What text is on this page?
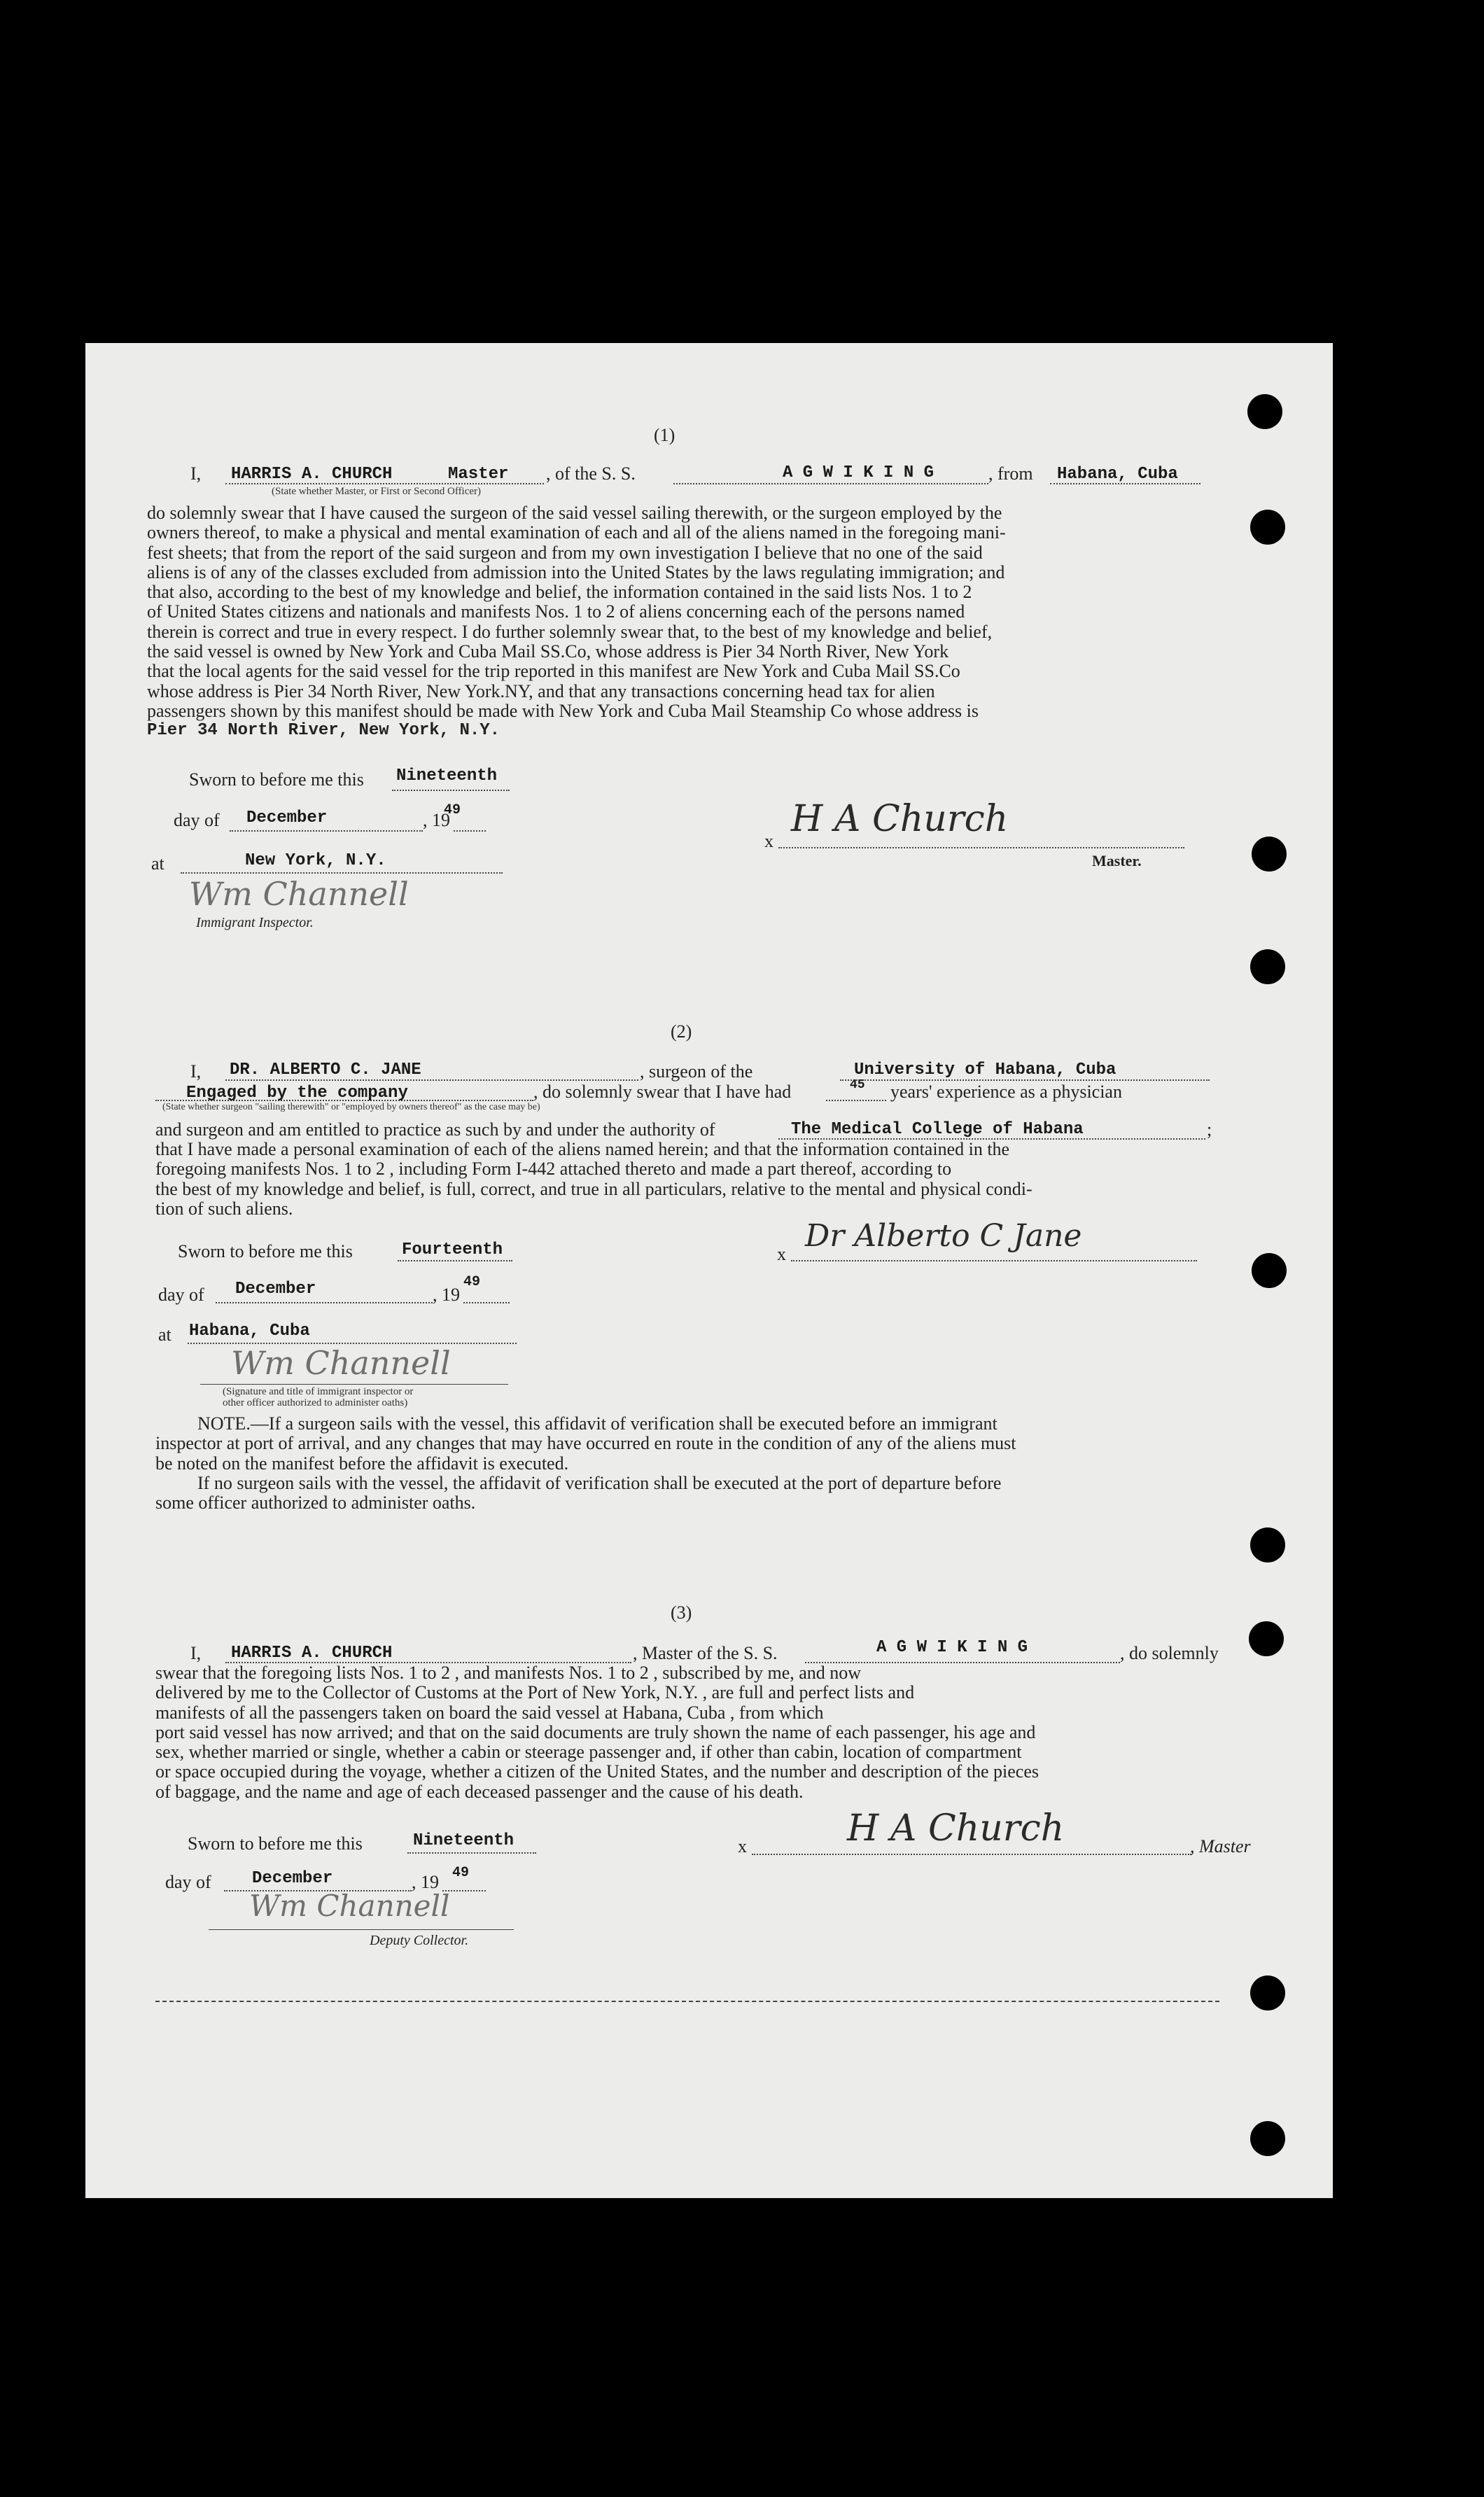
(1)
I, HARRIS A. CHURCH	Master , of the S. S.	A G W I K I N G	, from Habana, Cuba
(State whether Master, or First or Second Officer)
do solemnly swear that I have caused the surgeon of the said vessel sailing therewith, or the surgeon employed by the
owners thereof, to make a physical and mental examination of each and all of the aliens named in the foregoing mani-
fest sheets; that from the report of the said surgeon and from my own investigation I believe that no one of the said
aliens is of any of the classes excluded from admission into the United States by the laws regulating immigration; and
that also, according to the best of my knowledge and belief, the information contained in the said lists Nos. 1 to 2
of United States citizens and nationals and manifests Nos. 1 to 2 of aliens concerning each of the persons named
therein is correct and true in every respect. I do further solemnly swear that, to the best of my knowledge and belief,
the said vessel is owned by New York and Cuba Mail SS.Co, whose address is Pier 34 North River, New York
that the local agents for the said vessel for the trip reported in this manifest are New York and Cuba Mail SS.Co
whose address is Pier 34 North River, New York.NY, and that any transactions concerning head tax for alien
passengers shown by this manifest should be made with New York and Cuba Mail Steamship Co whose address is
Pier 34 North River, New York, N.Y.
Sworn to before me this Nineteenth
day of December	, 19
49
at	New York, N.Y.
Wm Channell
Immigrant Inspector.
x
H A Church
Master.
(2)
I, DR. ALBERTO C. JANE	, surgeon of the	University of Habana, Cuba
Engaged by the company	, do solemnly swear that I have had	45 years' experience as a physician
(State whether surgeon "sailing therewith" or "employed by owners thereof" as the case may be)
and surgeon and am entitled to practice as such by and under the authority of	The Medical College of Habana	;
that I have made a personal examination of each of the aliens named herein; and that the information contained in the
foregoing manifests Nos. 1 to 2 , including Form I-442 attached thereto and made a part thereof, according to
the best of my knowledge and belief, is full, correct, and true in all particulars, relative to the mental and physical condi-
tion of such aliens.
Sworn to before me this	Fourteenth
day of December	, 19
49
at Habana, Cuba
Wm Channell
(Signature and title of immigrant inspector or
other officer authorized to administer oaths)
x
Dr Alberto C Jane
NOTE.—If a surgeon sails with the vessel, this affidavit of verification shall be executed before an immigrant
inspector at port of arrival, and any changes that may have occurred en route in the condition of any of the aliens must
be noted on the manifest before the affidavit is executed.
If no surgeon sails with the vessel, the affidavit of verification shall be executed at the port of departure before
some officer authorized to administer oaths.
(3)
I, HARRIS A. CHURCH	, Master of the S. S.	A G W I K I N G	, do solemnly
swear that the foregoing lists Nos. 1 to 2 , and manifests Nos. 1 to 2 , subscribed by me, and now
delivered by me to the Collector of Customs at the Port of New York, N.Y. , are full and perfect lists and
manifests of all the passengers taken on board the said vessel at Habana, Cuba , from which
port said vessel has now arrived; and that on the said documents are truly shown the name of each passenger, his age and
sex, whether married or single, whether a cabin or steerage passenger and, if other than cabin, location of compartment
or space occupied during the voyage, whether a citizen of the United States, and the number and description of the pieces
of baggage, and the name and age of each deceased passenger and the cause of his death.
Sworn to before me this	Nineteenth
day of December	, 19 49
Wm Channell
Deputy Collector.
x	H A Church	, Master
